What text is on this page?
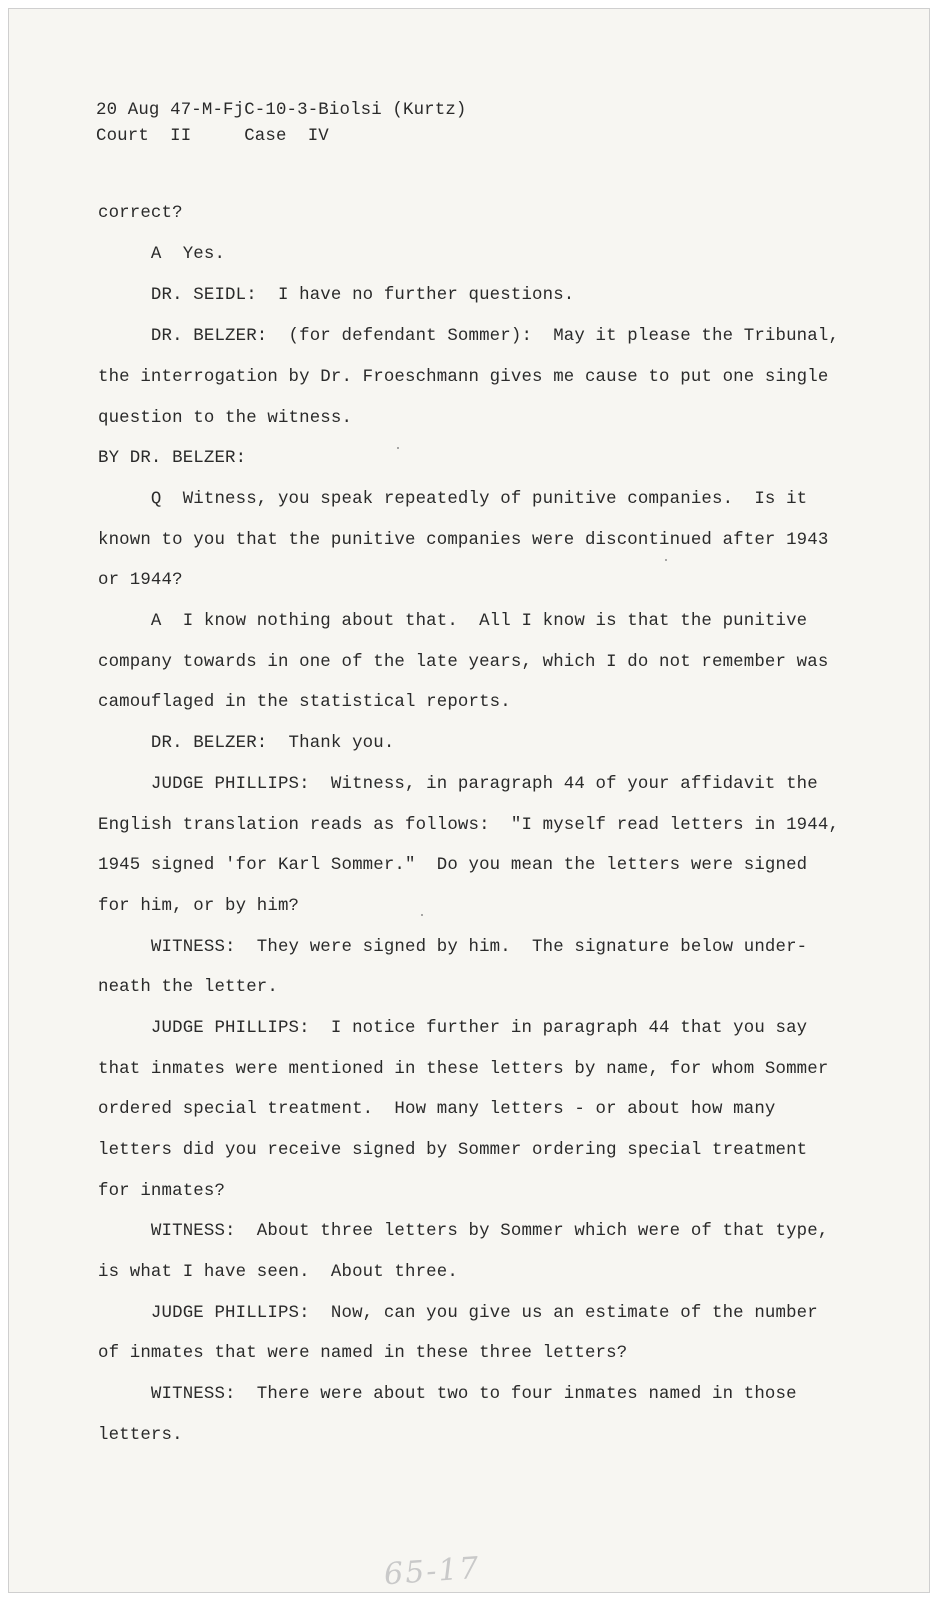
20 Aug 47-M-FjC-10-3-Biolsi (Kurtz)
Court  II     Case  IV
correct?
A  Yes.
DR. SEIDL:  I have no further questions.
DR. BELZER:  (for defendant Sommer):  May it please the Tribunal,
the interrogation by Dr. Froeschmann gives me cause to put one single
question to the witness.
BY DR. BELZER:
Q  Witness, you speak repeatedly of punitive companies.  Is it
known to you that the punitive companies were discontinued after 1943
or 1944?
A  I know nothing about that.  All I know is that the punitive
company towards in one of the late years, which I do not remember was
camouflaged in the statistical reports.
DR. BELZER:  Thank you.
JUDGE PHILLIPS:  Witness, in paragraph 44 of your affidavit the
English translation reads as follows:  "I myself read letters in 1944,
1945 signed 'for Karl Sommer."  Do you mean the letters were signed
for him, or by him?
WITNESS:  They were signed by him.  The signature below under-
neath the letter.
JUDGE PHILLIPS:  I notice further in paragraph 44 that you say
that inmates were mentioned in these letters by name, for whom Sommer
ordered special treatment.  How many letters - or about how many
letters did you receive signed by Sommer ordering special treatment
for inmates?
WITNESS:  About three letters by Sommer which were of that type,
is what I have seen.  About three.
JUDGE PHILLIPS:  Now, can you give us an estimate of the number
of inmates that were named in these three letters?
WITNESS:  There were about two to four inmates named in those
letters.
65-17
